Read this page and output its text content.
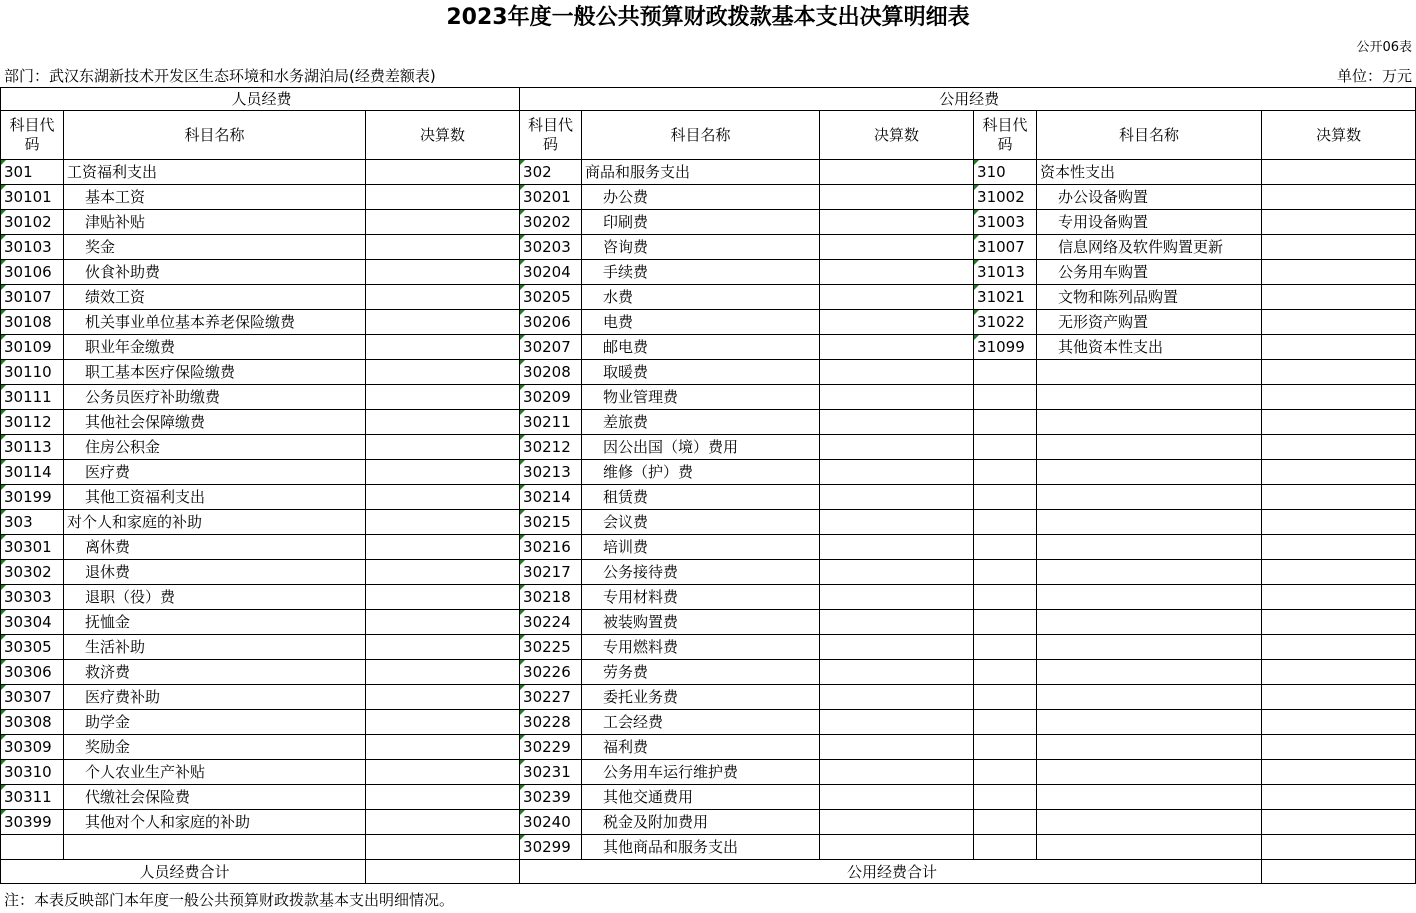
2023年度一般公共预算财政拨款基本支出决算明细表
公开06表
部门：武汉东湖新技术开发区生态环境和水务湖泊局(经费差额表)	单位：万元
人员经费			公用经费					
科目代码	科目名称	决算数	科目代码	科目名称	决算数	科目代码	科目名称	决算数
301	工资福利支出		302	商品和服务支出		310	资本性支出	
30101	基本工资		30201	办公费		31002	办公设备购置	
30102	津贴补贴		30202	印刷费		31003	专用设备购置	
30103	奖金		30203	咨询费		31007	信息网络及软件购置更新	
30106	伙食补助费		30204	手续费		31013	公务用车购置	
30107	绩效工资		30205	水费		31021	文物和陈列品购置	
30108	机关事业单位基本养老保险缴费		30206	电费		31022	无形资产购置	
30109	职业年金缴费		30207	邮电费		31099	其他资本性支出	
30110	职工基本医疗保险缴费		30208	取暖费				
30111	公务员医疗补助缴费		30209	物业管理费				
30112	其他社会保障缴费		30211	差旅费				
30113	住房公积金		30212	因公出国（境）费用				
30114	医疗费		30213	维修（护）费				
30199	其他工资福利支出		30214	租赁费				
303	对个人和家庭的补助		30215	会议费				
30301	离休费		30216	培训费				
30302	退休费		30217	公务接待费				
30303	退职（役）费		30218	专用材料费				
30304	抚恤金		30224	被装购置费				
30305	生活补助		30225	专用燃料费				
30306	救济费		30226	劳务费				
30307	医疗费补助		30227	委托业务费				
30308	助学金		30228	工会经费				
30309	奖励金		30229	福利费				
30310	个人农业生产补贴		30231	公务用车运行维护费				
30311	代缴社会保险费		30239	其他交通费用				
30399	其他对个人和家庭的补助		30240	税金及附加费用				
			30299	其他商品和服务支出				
人员经费合计			公用经费合计					
注：本表反映部门本年度一般公共预算财政拨款基本支出明细情况。
